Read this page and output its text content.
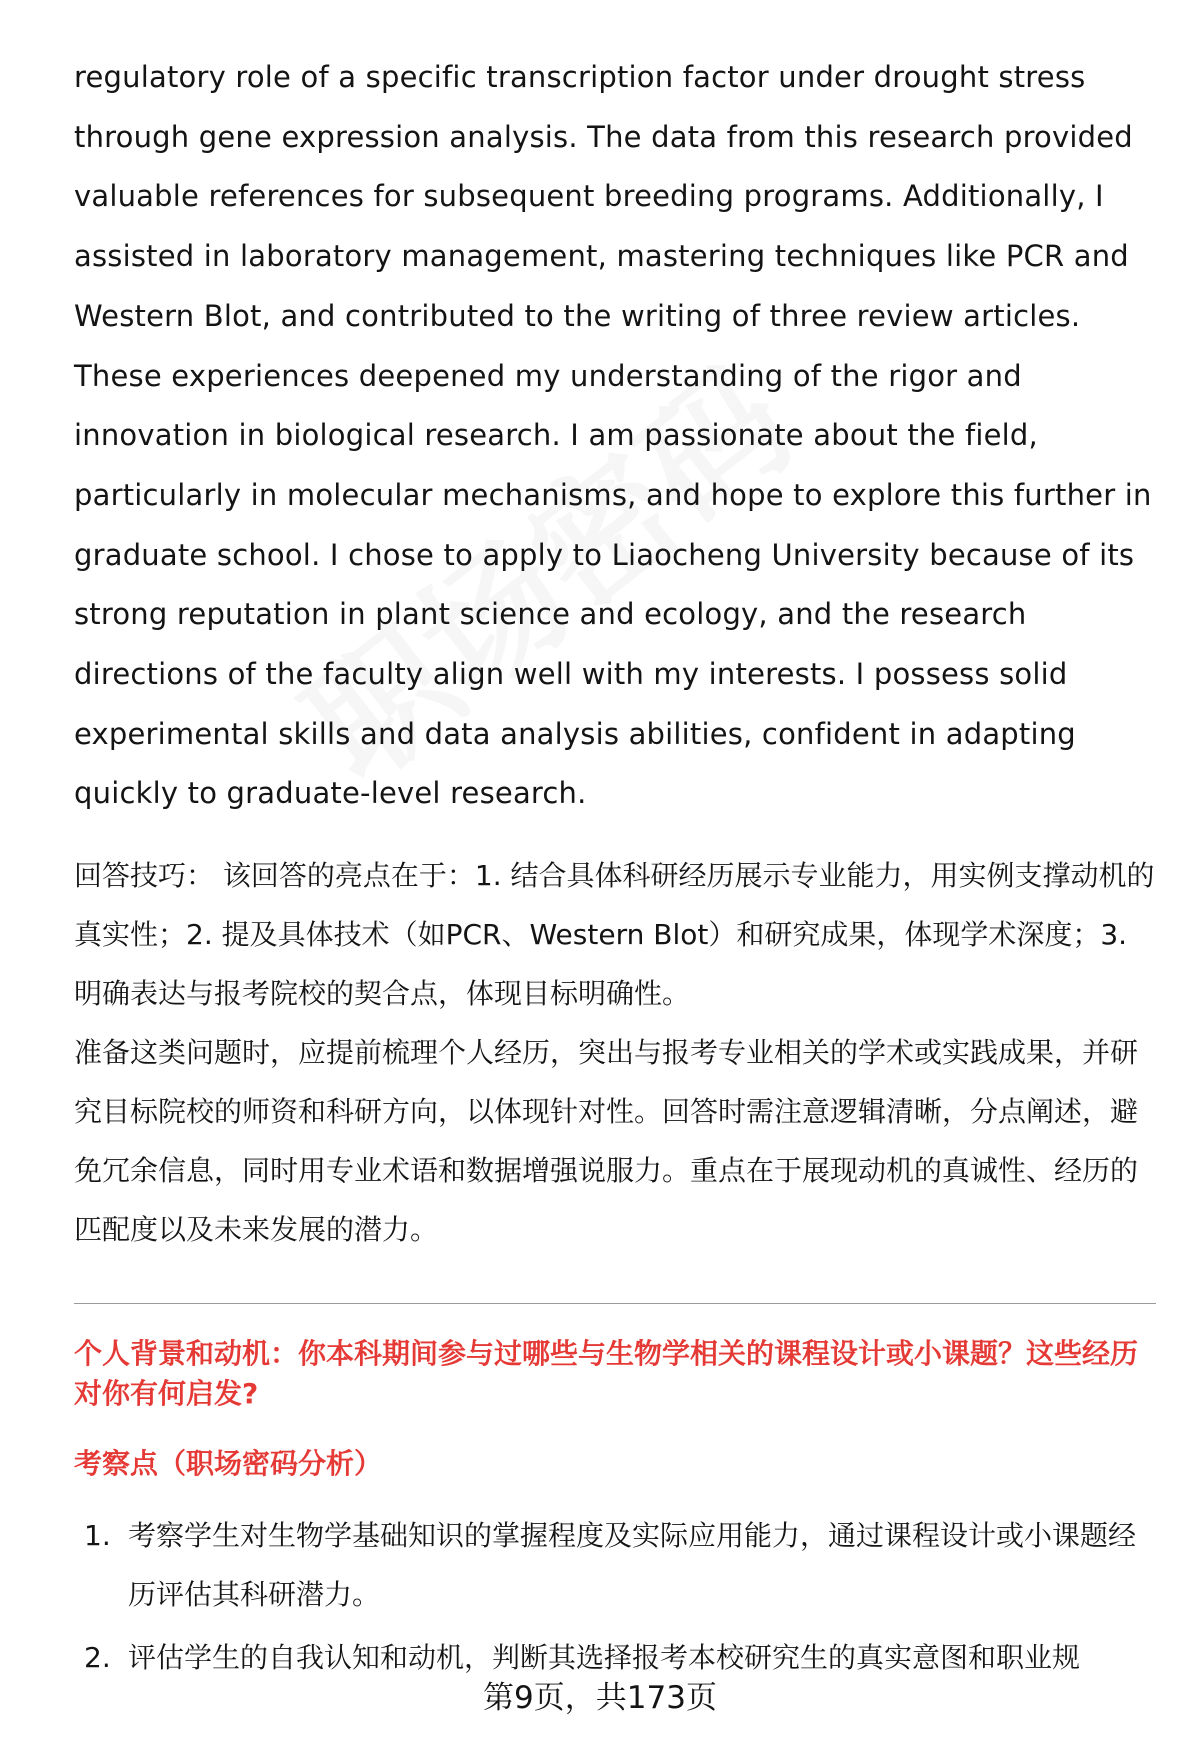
regulatory role of a specific transcription factor under drought stress through gene expression analysis. The data from this research provided valuable references for subsequent breeding programs. Additionally, I assisted in laboratory management, mastering techniques like PCR and Western Blot, and contributed to the writing of three review articles. These experiences deepened my understanding of the rigor and innovation in biological research. I am passionate about the field, particularly in molecular mechanisms, and hope to explore this further in graduate school. I chose to apply to Liaocheng University because of its strong reputation in plant science and ecology, and the research directions of the faculty align well with my interests. I possess solid experimental skills and data analysis abilities, confident in adapting quickly to graduate-level research.

回答技巧： 该回答的亮点在于：1. 结合具体科研经历展示专业能力，用实例支撑动机的真实性；2. 提及具体技术（如PCR、Western Blot）和研究成果，体现学术深度；3. 明确表达与报考院校的契合点，体现目标明确性。

准备这类问题时，应提前梳理个人经历，突出与报考专业相关的学术或实践成果，并研究目标院校的师资和科研方向，以体现针对性。回答时需注意逻辑清晰，分点阐述，避免冗余信息，同时用专业术语和数据增强说服力。重点在于展现动机的真诚性、经历的匹配度以及未来发展的潜力。

个人背景和动机：你本科期间参与过哪些与生物学相关的课程设计或小课题？这些经历对你有何启发?
考察点（职场密码分析）
1. 考察学生对生物学基础知识的掌握程度及实际应用能力，通过课程设计或小课题经历评估其科研潜力。
2. 评估学生的自我认知和动机，判断其选择报考本校研究生的真实意图和职业规
第9页，共173页
